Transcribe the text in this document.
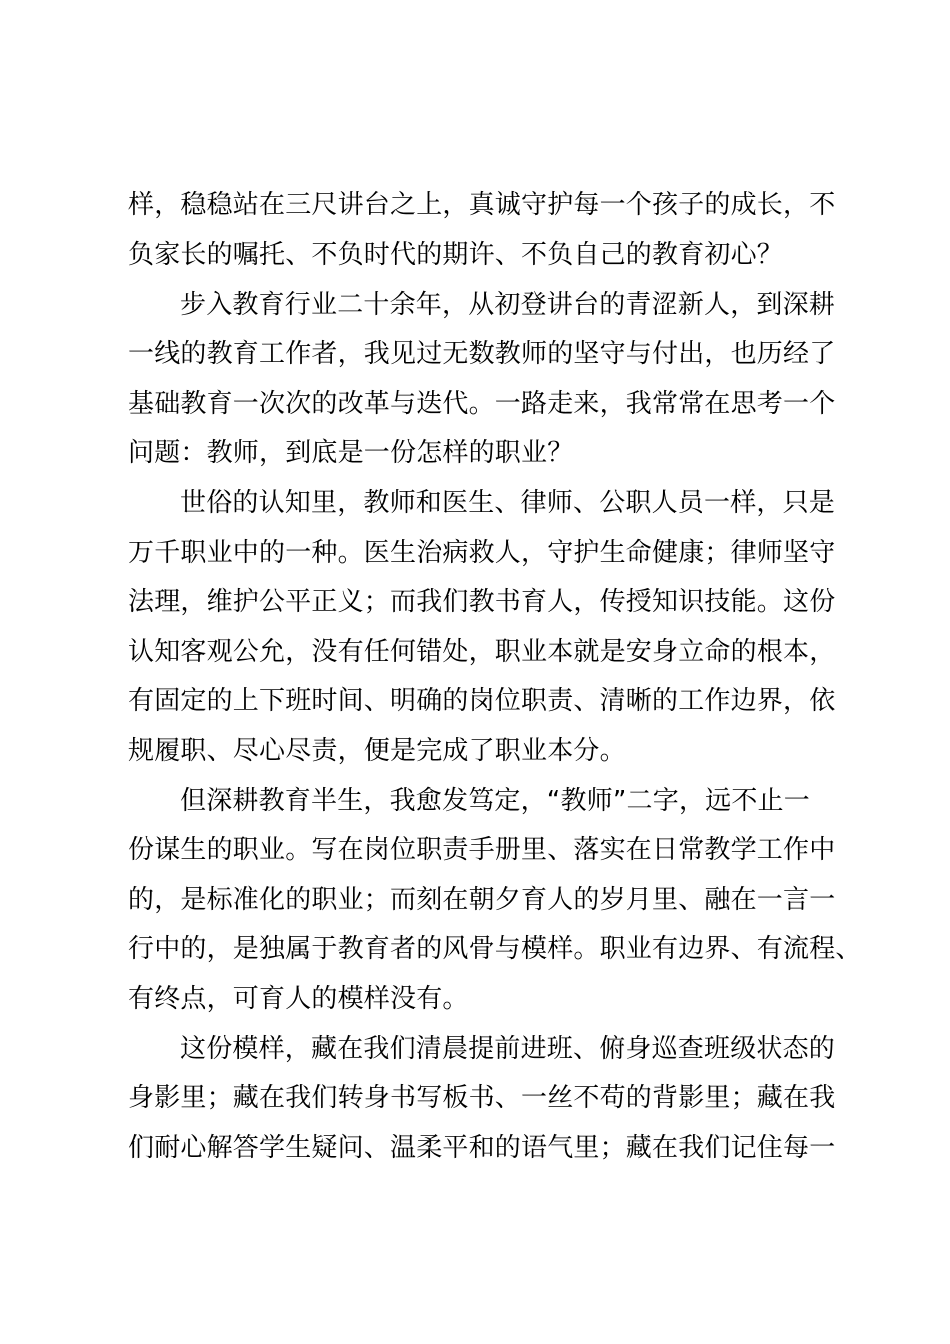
样，稳稳站在三尺讲台之上，真诚守护每一个孩子的成长，不
负家长的嘱托、不负时代的期许、不负自己的教育初心？
步入教育行业二十余年，从初登讲台的青涩新人，到深耕
一线的教育工作者，我见过无数教师的坚守与付出，也历经了
基础教育一次次的改革与迭代。一路走来，我常常在思考一个
问题：教师，到底是一份怎样的职业？
世俗的认知里，教师和医生、律师、公职人员一样，只是
万千职业中的一种。医生治病救人，守护生命健康；律师坚守
法理，维护公平正义；而我们教书育人，传授知识技能。这份
认知客观公允，没有任何错处，职业本就是安身立命的根本，
有固定的上下班时间、明确的岗位职责、清晰的工作边界，依
规履职、尽心尽责，便是完成了职业本分。
但深耕教育半生，我愈发笃定，“教师”二字，远不止一
份谋生的职业。写在岗位职责手册里、落实在日常教学工作中
的，是标准化的职业；而刻在朝夕育人的岁月里、融在一言一
行中的，是独属于教育者的风骨与模样。职业有边界、有流程、
有终点，可育人的模样没有。
这份模样，藏在我们清晨提前进班、俯身巡查班级状态的
身影里；藏在我们转身书写板书、一丝不苟的背影里；藏在我
们耐心解答学生疑问、温柔平和的语气里；藏在我们记住每一
